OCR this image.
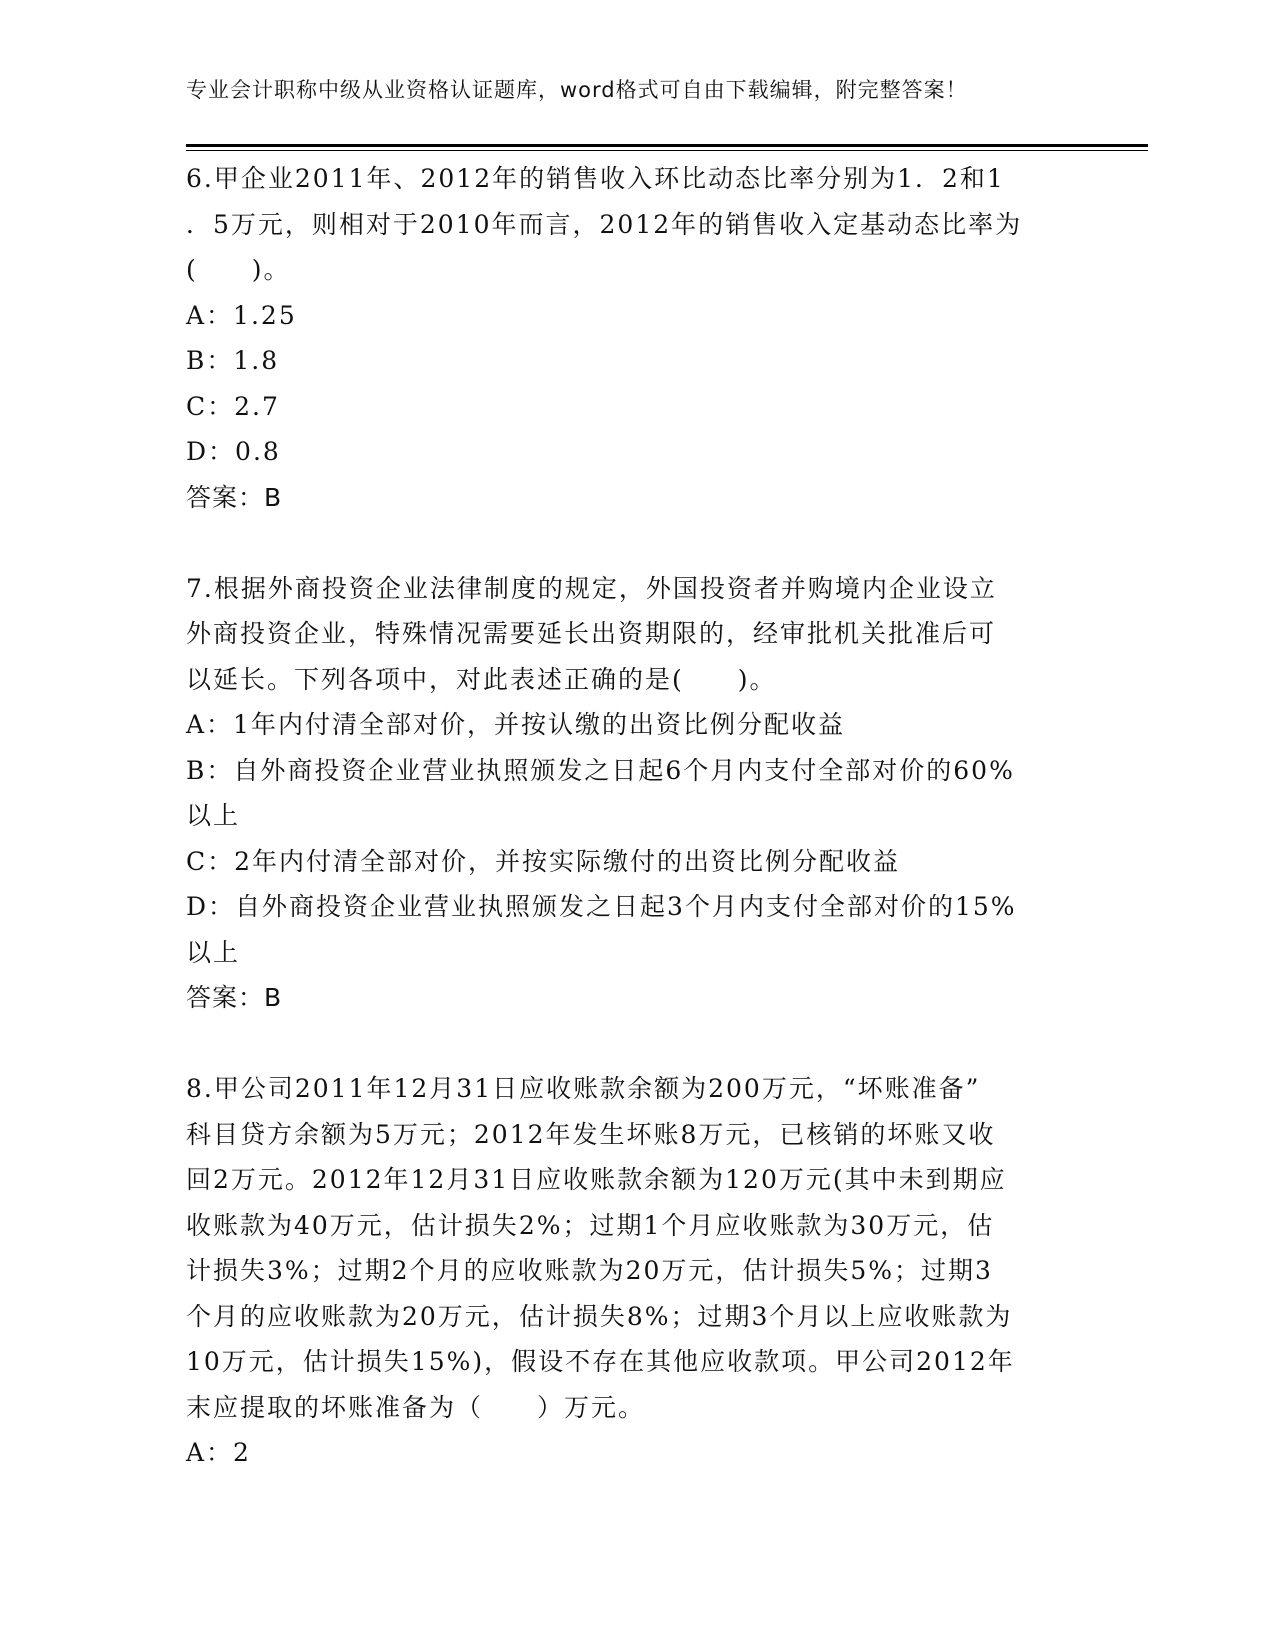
专业会计职称中级从业资格认证题库，word格式可自由下载编辑，附完整答案！
6.甲企业2011年、2012年的销售收入环比动态比率分别为1．2和1
．5万元，则相对于2010年而言，2012年的销售收入定基动态比率为
(　　)。
A：1.25
B：1.8
C：2.7
D：0.8
答案：B
7.根据外商投资企业法律制度的规定，外国投资者并购境内企业设立
外商投资企业，特殊情况需要延长出资期限的，经审批机关批准后可
以延长。下列各项中，对此表述正确的是(　　)。
A：1年内付清全部对价，并按认缴的出资比例分配收益
B：自外商投资企业营业执照颁发之日起6个月内支付全部对价的60%
以上
C：2年内付清全部对价，并按实际缴付的出资比例分配收益
D：自外商投资企业营业执照颁发之日起3个月内支付全部对价的15%
以上
答案：B
8.甲公司2011年12月31日应收账款余额为200万元，“坏账准备”
科目贷方余额为5万元；2012年发生坏账8万元，已核销的坏账又收
回2万元。2012年12月31日应收账款余额为120万元(其中未到期应
收账款为40万元，估计损失2%；过期1个月应收账款为30万元，估
计损失3%；过期2个月的应收账款为20万元，估计损失5%；过期3
个月的应收账款为20万元，估计损失8%；过期3个月以上应收账款为
10万元，估计损失15%)，假设不存在其他应收款项。甲公司2012年
末应提取的坏账准备为（　　）万元。
A：2
